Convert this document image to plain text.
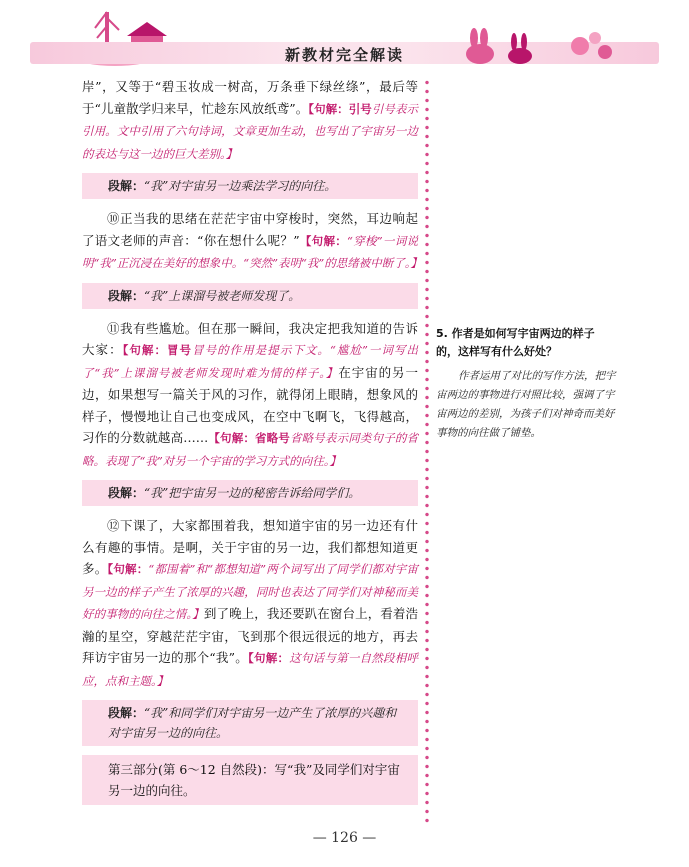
新教材完全解读

岸”，又等于“碧玉妆成一树高，万条垂下绿丝绦”，最后等于“儿童散学归来早，忙趁东风放纸鸢”。【句解：引号引号表示引用。文中引用了六句诗词，文章更加生动，也写出了宇宙另一边的表达与这一边的巨大差别。】

段解：“我”对宇宙另一边乘法学习的向往。

⑩正当我的思绪在茫茫宇宙中穿梭时，突然，耳边响起了语文老师的声音：“你在想什么呢？”【句解：“穿梭”一词说明“我”正沉浸在美好的想象中。“突然”表明“我”的思绪被中断了。】

段解：“我”上课溜号被老师发现了。

⑪我有些尴尬。但在那一瞬间，我决定把我知道的告诉大家：【句解：冒号冒号的作用是提示下文。“尴尬”一词写出了“我”上课溜号被老师发现时难为情的样子。】在宇宙的另一边，如果想写一篇关于风的习作，就得闭上眼睛，想象风的样子，慢慢地让自己也变成风，在空中飞啊飞，飞得越高，习作的分数就越高……【句解：省略号省略号表示同类句子的省略。表现了“我”对另一个宇宙的学习方式的向往。】

段解：“我”把宇宙另一边的秘密告诉给同学们。

⑫下课了，大家都围着我，想知道宇宙的另一边还有什么有趣的事情。是啊，关于宇宙的另一边，我们都想知道更多。【句解：“都围着”和“都想知道”两个词写出了同学们都对宇宙另一边的样子产生了浓厚的兴趣，同时也表达了同学们对神秘而美好的事物的向往之情。】到了晚上，我还要趴在窗台上，看着浩瀚的星空，穿越茫茫宇宙，飞到那个很远很远的地方，再去拜访宇宙另一边的那个“我”。【句解：这句话与第一自然段相呼应，点和主题。】

段解：“我”和同学们对宇宙另一边产生了浓厚的兴趣和对宇宙另一边的向往。
第三部分(第 6～12 自然段)：写“我”及同学们对宇宙另一边的向往。

5. 作者是如何写宇宙两边的样子的，这样写有什么好处？

作者运用了对比的写作方法，把宇宙两边的事物进行对照比较，强调了宇宙两边的差别，为孩子们对神奇而美好事物的向往做了铺垫。

— 126 —
